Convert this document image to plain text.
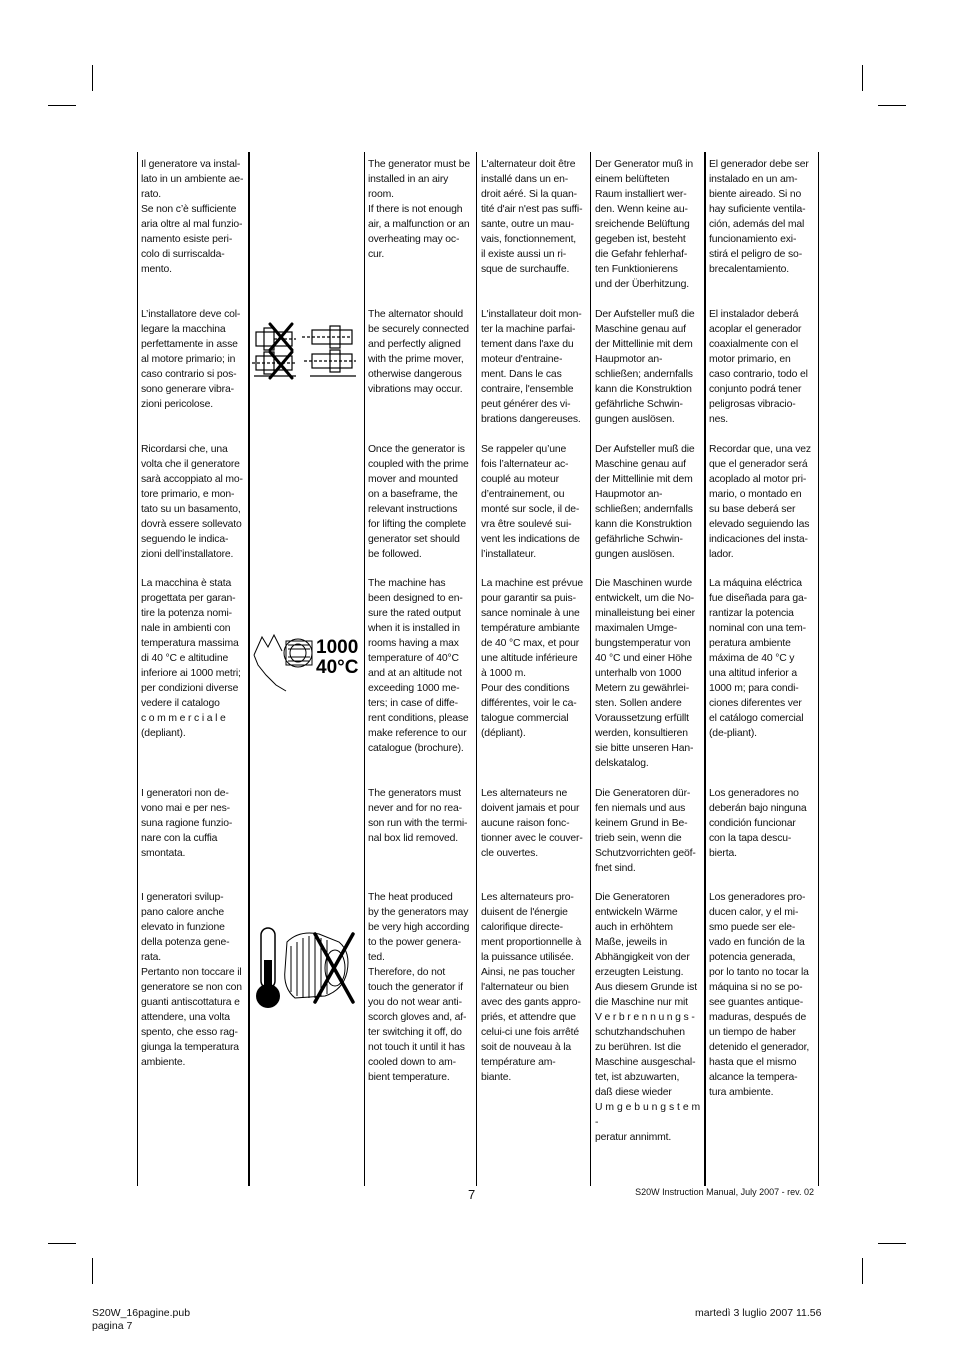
Il generatore va instal-
lato in un ambiente ae-
rato.
Se non c’è sufficiente
aria oltre al mal funzio-
namento esiste peri-
colo di surriscalda-
mento.
The generator must be
installed in an airy
room.
If there is not enough
air, a malfunction or an
overheating may oc-
cur.
L'alternateur doit être
installé dans un en-
droit aéré. Si la quan-
tité d'air n'est pas suffi-
sante, outre un mau-
vais, fonctionnement,
il existe aussi un ri-
sque de surchauffe.
Der Generator muß in
einem belüfteten
Raum installiert wer-
den. Wenn keine au-
sreichende Belüftung
gegeben ist, besteht
die Gefahr fehlerhaf-
ten Funktionierens
und der Überhitzung.
El generador debe ser
instalado en un am-
biente aireado. Si no
hay suficiente ventila-
ción, además del mal
funcionamiento exi-
stirá el peligro de so-
brecalentamiento.
L’installatore deve col-
legare la macchina
perfettamente in asse
al motore primario; in
caso contrario si pos-
sono generare vibra-
zioni pericolose.
The alternator should
be securely connected
and perfectly aligned
with the prime mover,
otherwise dangerous
vibrations may occur.
L'installateur doit mon-
ter la machine parfai-
tement dans l'axe du
moteur d'entraine-
ment. Dans le cas
contraire, l'ensemble
peut générer des vi-
brations dangereuses.
Der Aufsteller muß die
Maschine genau auf
der Mittellinie mit dem
Haupmotor an-
schließen; andernfalls
kann die Konstruktion
gefährliche Schwin-
gungen auslösen.
El instalador deberá
acoplar el generador
coaxialmente con el
motor primario, en
caso contrario, todo el
conjunto podrá tener
peligrosas vibracio-
nes.
Ricordarsi che, una
volta che il generatore
sarà accoppiato al mo-
tore primario, e mon-
tato su un basamento,
dovrà essere sollevato
seguendo le indica-
zioni dell’installatore.
Once the generator is
coupled with the prime
mover and mounted
on a baseframe, the
relevant instructions
for lifting the complete
generator set should
be followed.
Se rappeler qu’une
fois l’alternateur ac-
couplé au moteur
d’entrainement, ou
monté sur socle, il de-
vra être soulevé sui-
vent les indications de
l’installateur.
Der Aufsteller muß die
Maschine genau auf
der Mittellinie mit dem
Haupmotor an-
schließen; andernfalls
kann die Konstruktion
gefährliche Schwin-
gungen auslösen.
Recordar que, una vez
que el generador será
acoplado al motor pri-
mario, o montado en
su base deberá ser
elevado seguiendo las
indicaciones del insta-
lador.
La macchina è stata
progettata per garan-
tire la potenza nomi-
nale in ambienti con
temperatura massima
di 40 °C e altitudine
inferiore ai 1000 metri;
per condizioni diverse
vedere il catalogo
c o m m e r c i a l e
(depliant).
The machine has
been designed to en-
sure the rated output
when it is installed in
rooms having a max
temperature of 40°C
and at an altitude not
exceeding 1000 me-
ters; in case of diffe-
rent conditions, please
make reference to our
catalogue (brochure).
La machine est prévue
pour garantir sa puis-
sance nominale à une
température ambiante
de 40 °C max, et pour
une altitude inférieure
à 1000 m.
Pour des conditions
différentes, voir le ca-
talogue commercial
(dépliant).
Die Maschinen wurde
entwickelt, um die No-
minalleistung bei einer
maximalen Umge-
bungstemperatur von
40 °C und einer Höhe
unterhalb von 1000
Metern zu gewährlei-
sten. Sollen andere
Voraussetzung erfüllt
werden, konsultieren
sie bitte unseren Han-
delskatalog.
La máquina eléctrica
fue diseñada para ga-
rantizar la potencia
nominal con una tem-
peratura ambiente
máxima de 40 °C y
una altitud inferior a
1000 m; para condi-
ciones diferentes ver
el catálogo comercial
(de-pliant).
I generatori non de-
vono mai e per nes-
suna ragione funzio-
nare con la cuffia
smontata.
The generators must
never and for no rea-
son run with the termi-
nal box lid removed.
Les alternateurs ne
doivent jamais et pour
aucune raison fonc-
tionner avec le couver-
cle ouvertes.
Die Generatoren dür-
fen niemals und aus
keinem Grund in Be-
trieb sein, wenn die
Schutzvorrichten geöf-
fnet sind.
Los generadores no
deberán bajo ninguna
condición funcionar
con la tapa descu-
bierta.
I generatori svilup-
pano calore anche
elevato in funzione
della potenza gene-
rata.
Pertanto non toccare il
generatore se non con
guanti antiscottatura e
attendere, una volta
spento, che esso rag-
giunga la temperatura
ambiente.
The heat produced
by the generators may
be very high according
to the power genera-
ted.
Therefore, do not
touch the generator if
you do not wear anti-
scorch gloves and, af-
ter switching it off, do
not touch it until it has
cooled down to am-
bient temperature.
Les alternateurs pro-
duisent de l'énergie
calorifique directe-
ment proportionnelle à
la puissance utilisée.
Ainsi, ne pas toucher
l'alternateur ou bien
avec des gants appro-
priés, et attendre que
celui-ci une fois arrêté
soit de nouveau à la
température am-
biante.
Die Generatoren
entwickeln Wärme
auch in erhöhtem
Maße, jeweils in
Abhängigkeit von der
erzeugten Leistung.
Aus diesem Grunde ist
die Maschine nur mit
V e r b r e n n u n g s -
schutzhandschuhen
zu berühren. Ist die
Maschine ausgeschal-
tet, ist abzuwarten,
daß diese wieder
U m g e b u n g s t e m -
peratur annimmt.
Los generadores pro-
ducen calor, y el mi-
smo puede ser ele-
vado en función de la
potencia generada,
por lo tanto no tocar la
máquina si no se po-
see guantes antique-
maduras, después de
un tiempo de haber
detenido el generador,
hasta que el mismo
alcance la tempera-
tura ambiente.
1000
40°C
7	S20W Instruction Manual, July 2007 - rev. 02
S20W_16pagine.pub
pagina 7
martedì 3 luglio 2007 11.56
